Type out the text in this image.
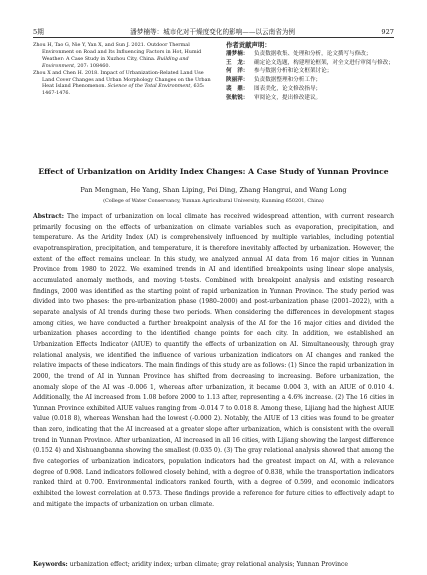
5期	潘梦楠等：城市化对干燥度变化的影响——以云南省为例	927

Zhou H, Tao G, Nie Y, Yan X, and Sun J. 2021. Outdoor Thermal Environment on Road and Its Influencing Factors in Hot, Humid Weather: A Case Study in Xuzhou City, China. Building and Environment, 207: 108460.

Zhou X and Chen H. 2018. Impact of Urbanization-Related Land Use Land Cover Changes and Urban Morphology Changes on the Urban Heat Island Phenomenon. Science of the Total Environment, 635: 1467-1476.

作者贡献声明：
潘梦楠：	负责数据收集、处理和分析，论文撰写与修改；
王　龙：	确定论文选题，构建理论框架，对全文进行审阅与修改；
何　洋：	参与数据分析和论文框架讨论；
陕丽萍：	负责数据整理和分析工作；
裴　鼎：	图表美化，论文修改指导；
张航锐：	审阅论文，提出修改建议。
Effect of Urbanization on Aridity Index Changes: A Case Study of Yunnan Province
Pan Mengnan, He Yang, Shan Liping, Pei Ding, Zhang Hangrui, and Wang Long
(College of Water Conservancy, Yunnan Agricultural University, Kunming 650201, China)
Abstract: The impact of urbanization on local climate has received widespread attention, with current research primarily focusing on the effects of urbanization on climate variables such as evaporation, precipitation, and temperature. As the Aridity Index (AI) is comprehensively influenced by multiple variables, including potential evapotranspiration, precipitation, and temperature, it is therefore inevitably affected by urbanization. However, the extent of the effect remains unclear. In this study, we analyzed annual AI data from 16 major cities in Yunnan Province from 1980 to 2022. We examined trends in AI and identified breakpoints using linear slope analysis, accumulated anomaly methods, and moving t-tests. Combined with breakpoint analysis and existing research findings, 2000 was identified as the starting point of rapid urbanization in Yunnan Province. The study period was divided into two phases: the pre-urbanization phase (1980–2000) and post-urbanization phase (2001–2022), with a separate analysis of AI trends during these two periods. When considering the differences in development stages among cities, we have conducted a further breakpoint analysis of the AI for the 16 major cities and divided the urbanization phases according to the identified change points for each city. In addition, we established an Urbanization Effects Indicator (AIUE) to quantify the effects of urbanization on AI. Simultaneously, through gray relational analysis, we identified the influence of various urbanization indicators on AI changes and ranked the relative impacts of these indicators. The main findings of this study are as follows: (1) Since the rapid urbanization in 2000, the trend of AI in Yunnan Province has shifted from decreasing to increasing. Before urbanization, the anomaly slope of the AI was -0.006 1, whereas after urbanization, it became 0.004 3, with an AIUE of 0.010 4. Additionally, the AI increased from 1.08 before 2000 to 1.13 after, representing a 4.6% increase. (2) The 16 cities in Yunnan Province exhibited AIUE values ranging from -0.014 7 to 0.018 8. Among these, Lijiang had the highest AIUE value (0.018 8), whereas Wenshan had the lowest (-0.000 2). Notably, the AIUE of 13 cities was found to be greater than zero, indicating that the AI increased at a greater slope after urbanization, which is consistent with the overall trend in Yunnan Province. After urbanization, AI increased in all 16 cities, with Lijiang showing the largest difference (0.152 4) and Xishuangbanna showing the smallest (0.035 0). (3) The gray relational analysis showed that among the five categories of urbanization indicators, population indicators had the greatest impact on AI, with a relevance degree of 0.908. Land indicators followed closely behind, with a degree of 0.838, while the transportation indicators ranked third at 0.700. Environmental indicators ranked fourth, with a degree of 0.599, and economic indicators exhibited the lowest correlation at 0.573. These findings provide a reference for future cities to effectively adapt to and mitigate the impacts of urbanization on urban climate.
Keywords: urbanization effect; aridity index; urban climate; gray relational analysis; Yunnan Province
